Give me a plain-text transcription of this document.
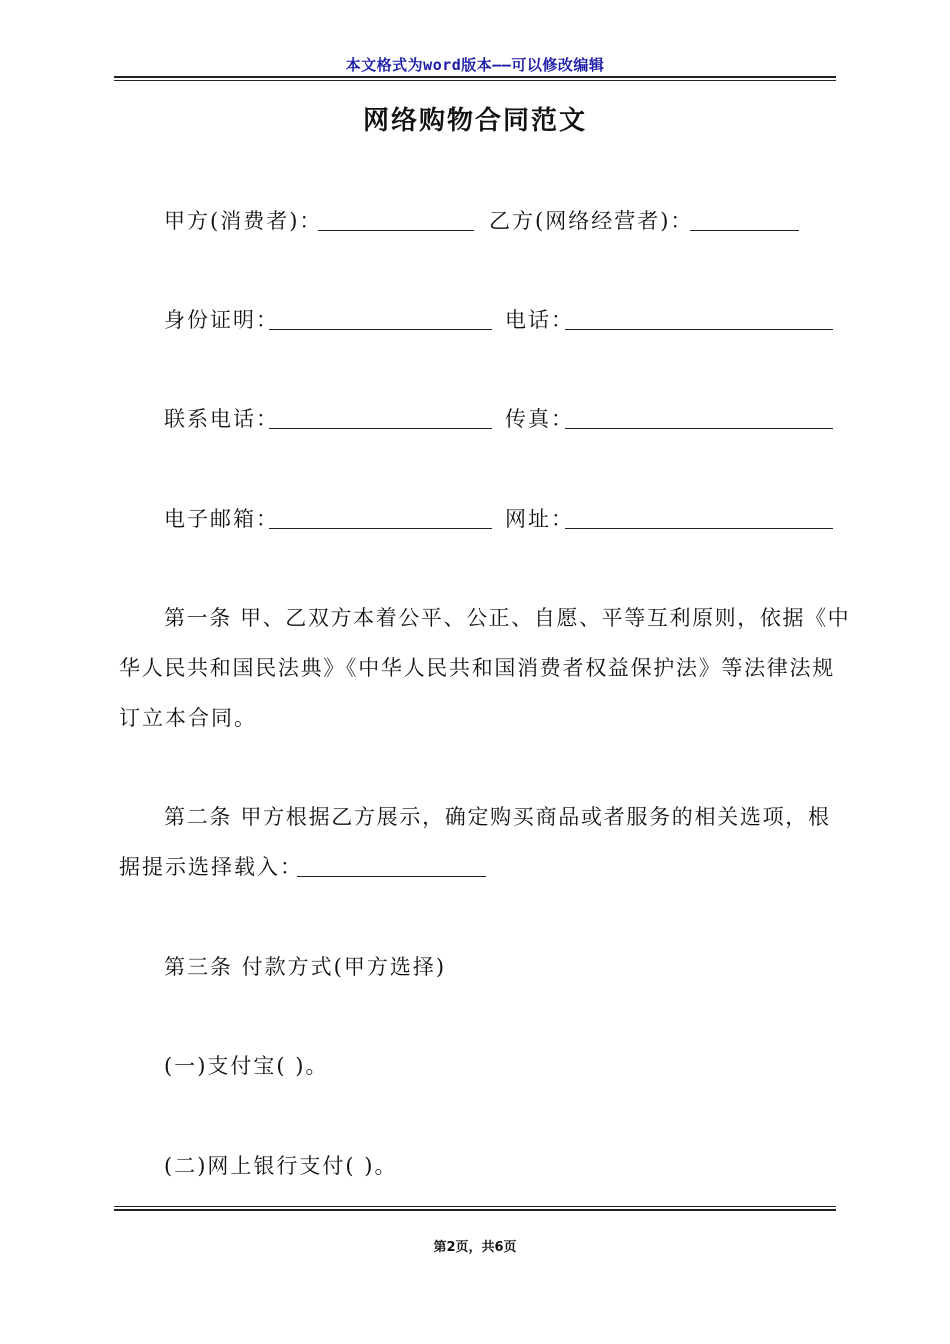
本文格式为word版本——可以修改编辑
网络购物合同范文
甲方(消费者)：	乙方(网络经营者)：
身份证明：	电话：
联系电话：	传真：
电子邮箱：	网址：
第一条 甲、乙双方本着公平、公正、自愿、平等互利原则，依据《中
华人民共和国民法典》《中华人民共和国消费者权益保护法》等法律法规
订立本合同。
第二条 甲方根据乙方展示，确定购买商品或者服务的相关选项，根
据提示选择载入：
第三条 付款方式(甲方选择)
(一)支付宝( )。
(二)网上银行支付( )。
第2页，共6页
